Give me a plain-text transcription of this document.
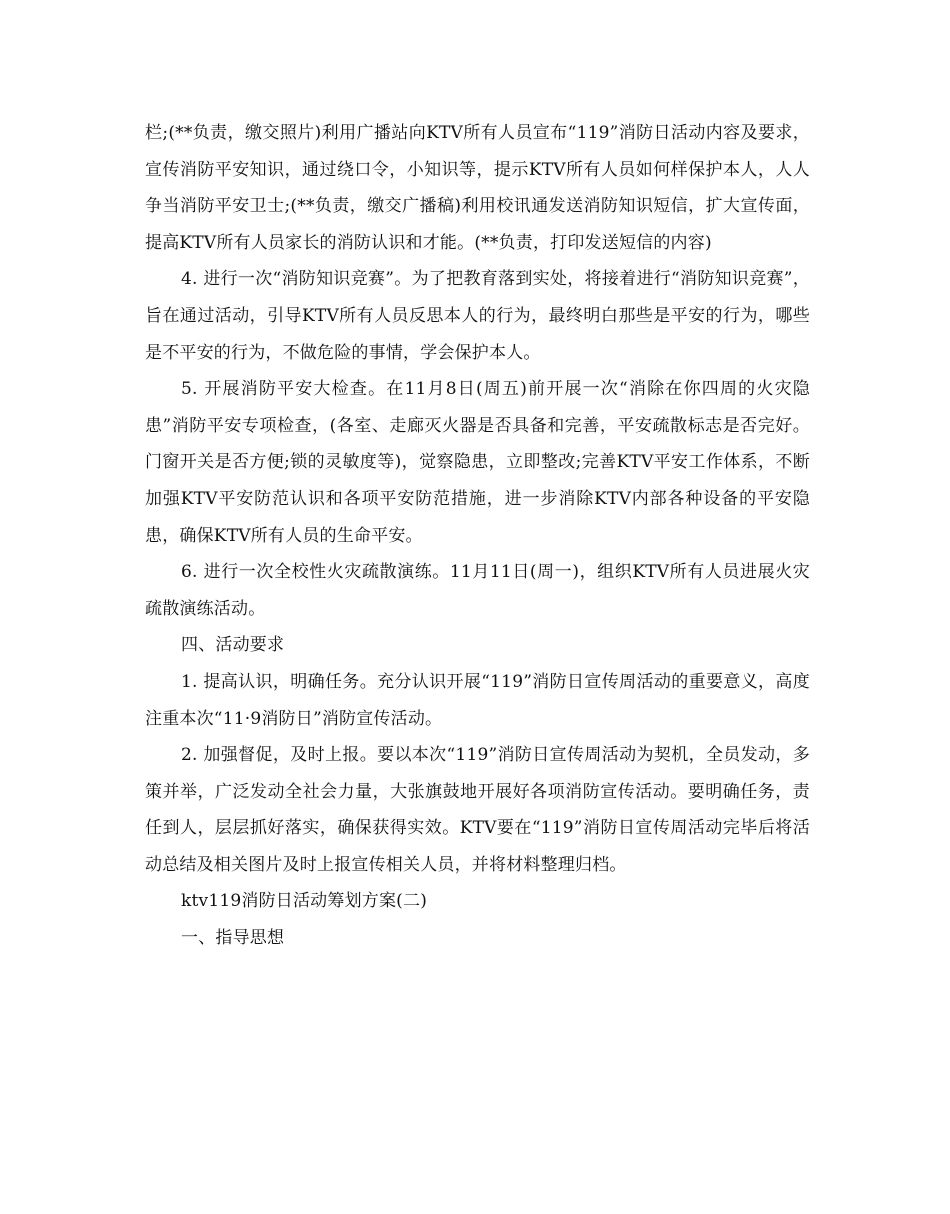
栏;(**负责，缴交照片)利用广播站向KTV所有人员宣布“119”消防日活动内容及要求，宣传消防平安知识，通过绕口令，小知识等，提示KTV所有人员如何样保护本人，人人争当消防平安卫士;(**负责，缴交广播稿)利用校讯通发送消防知识短信，扩大宣传面，提高KTV所有人员家长的消防认识和才能。(**负责，打印发送短信的内容)

4. 进行一次“消防知识竞赛”。为了把教育落到实处，将接着进行“消防知识竞赛”，旨在通过活动，引导KTV所有人员反思本人的行为，最终明白那些是平安的行为，哪些是不平安的行为，不做危险的事情，学会保护本人。

5. 开展消防平安大检查。在11月8日(周五)前开展一次“消除在你四周的火灾隐患”消防平安专项检查，(各室、走廊灭火器是否具备和完善，平安疏散标志是否完好。门窗开关是否方便;锁的灵敏度等)，觉察隐患，立即整改;完善KTV平安工作体系，不断加强KTV平安防范认识和各项平安防范措施，进一步消除KTV内部各种设备的平安隐患，确保KTV所有人员的生命平安。

6. 进行一次全校性火灾疏散演练。11月11日(周一)，组织KTV所有人员进展火灾疏散演练活动。

四、活动要求

1. 提高认识，明确任务。充分认识开展“119”消防日宣传周活动的重要意义，高度注重本次“11·9消防日”消防宣传活动。

2. 加强督促，及时上报。要以本次“119”消防日宣传周活动为契机，全员发动，多策并举，广泛发动全社会力量，大张旗鼓地开展好各项消防宣传活动。要明确任务，责任到人，层层抓好落实，确保获得实效。KTV要在“119”消防日宣传周活动完毕后将活动总结及相关图片及时上报宣传相关人员，并将材料整理归档。

ktv119消防日活动筹划方案(二)

一、指导思想
